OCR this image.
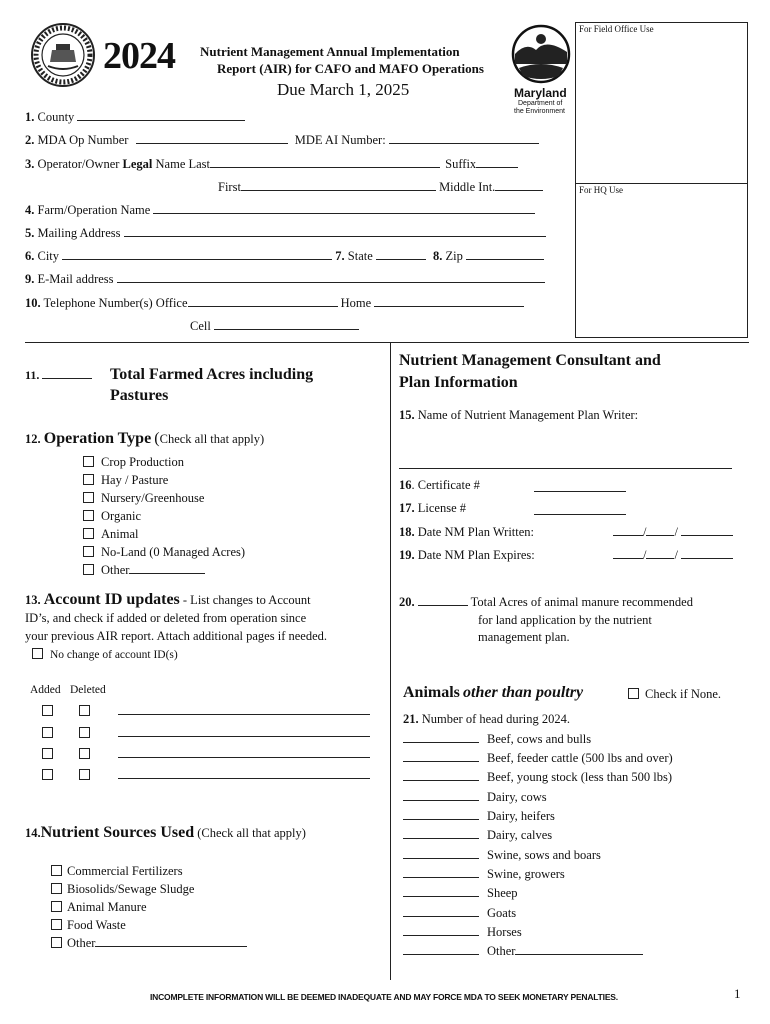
2024 Nutrient Management Annual Implementation
Report (AIR) for CAFO and MAFO Operations
Due March 1, 2025	Maryland
Department of
the Environment
For Field Office Use
For HQ Use
1. County
2. MDA Op Number	MDE AI Number:
3. Operator/Owner Legal Name Last	Suffix
First	Middle Int.
4. Farm/Operation Name
5. Mailing Address
6. City	7. State	8. Zip
9. E-Mail address
10. Telephone Number(s) Office	Home
Cell
11.	Total Farmed Acres including
Pastures
12. Operation Type (Check all that apply)
Crop Production
Hay / Pasture
Nursery/Greenhouse
Organic
Animal
No-Land (0 Managed Acres)
Other
13. Account ID updates - List changes to Account
ID’s, and check if added or deleted from operation since
your previous AIR report. Attach additional pages if needed.
No change of account ID(s)
Added Deleted
14.Nutrient Sources Used (Check all that apply)
Commercial Fertilizers
Biosolids/Sewage Sludge
Animal Manure
Food Waste
Other
Nutrient Management Consultant and
Plan Information
15. Name of Nutrient Management Plan Writer:
16. Certificate #
17. License #
18. Date NM Plan Written:	/ /
19. Date NM Plan Expires:	/ /
20.	Total Acres of animal manure recommended
for land application by the nutrient
management plan.
Animals other than poultry	Check if None.
21. Number of head during 2024.
Beef, cows and bulls
Beef, feeder cattle (500 lbs and over)
Beef, young stock (less than 500 lbs)
Dairy, cows
Dairy, heifers
Dairy, calves
Swine, sows and boars
Swine, growers
Sheep
Goats
Horses
Other
INCOMPLETE INFORMATION WILL BE DEEMED INADEQUATE AND MAY FORCE MDA TO SEEK MONETARY PENALTIES.	1
